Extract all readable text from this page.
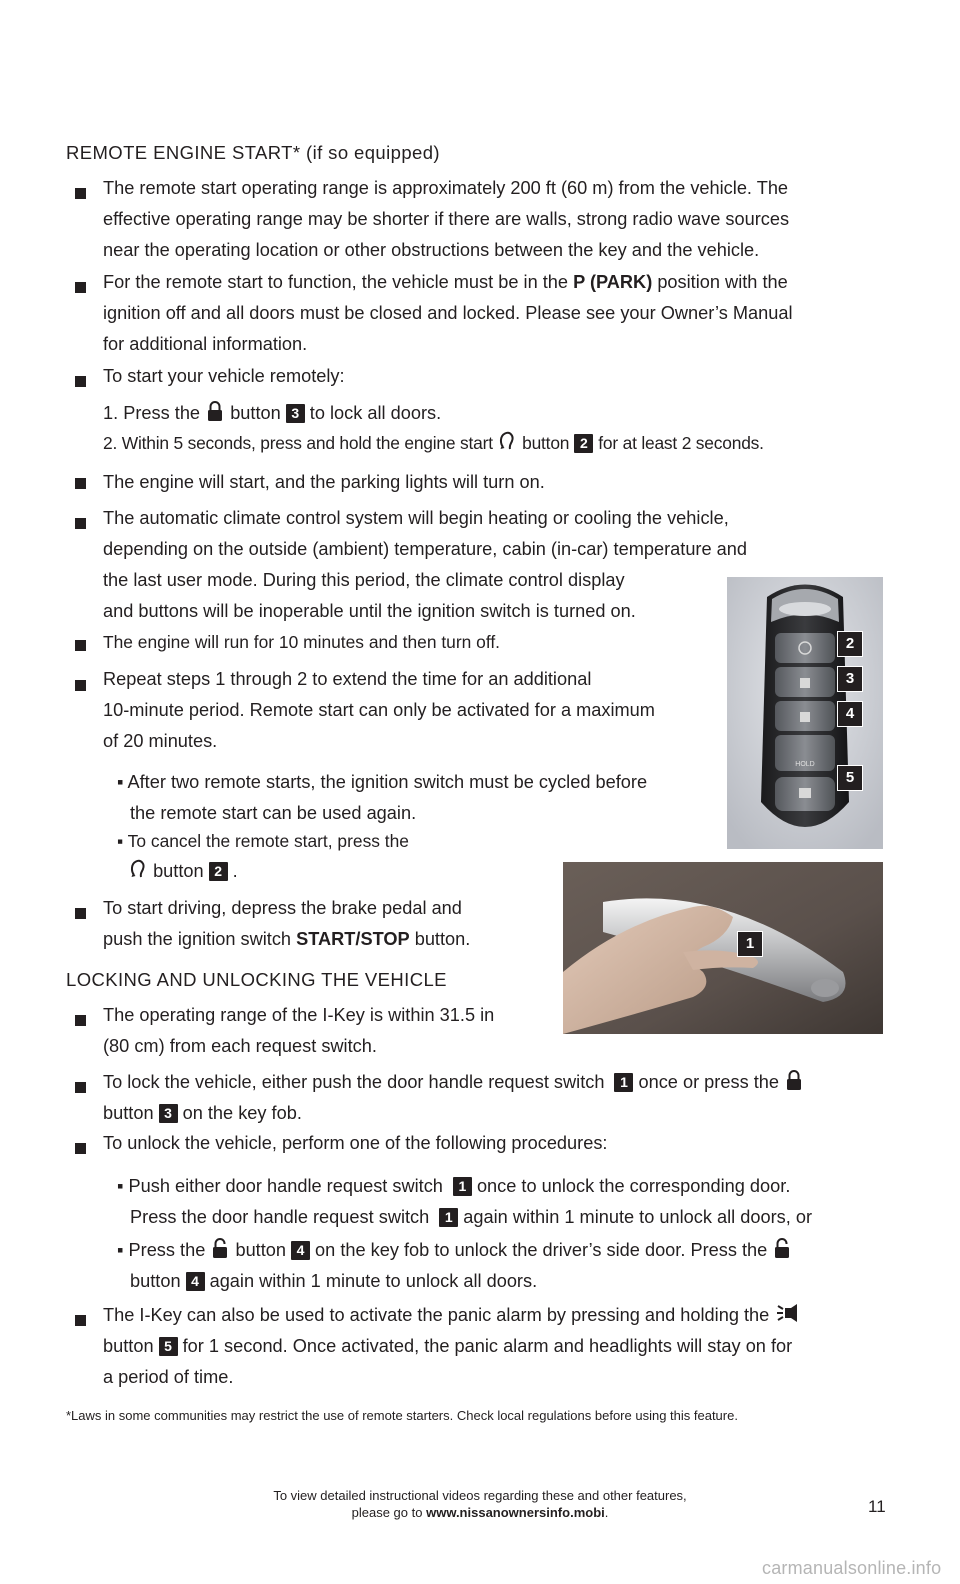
REMOTE ENGINE START* (if so equipped)
The remote start operating range is approximately 200 ft (60 m) from the vehicle. The
effective operating range may be shorter if there are walls, strong radio wave sources
near the operating location or other obstructions between the key and the vehicle.
For the remote start to function, the vehicle must be in the P (PARK) position with the
ignition off and all doors must be closed and locked. Please see your Owner’s Manual
for additional information.
To start your vehicle remotely:
1. Press the button 3 to lock all doors.
2. Within 5 seconds, press and hold the engine start button 2 for at least 2 seconds.
The engine will start, and the parking lights will turn on.
The automatic climate control system will begin heating or cooling the vehicle,
depending on the outside (ambient) temperature, cabin (in-car) temperature and
the last user mode. During this period, the climate control display
and buttons will be inoperable until the ignition switch is turned on.
The engine will run for 10 minutes and then turn off.
Repeat steps 1 through 2 to extend the time for an additional
10-minute period. Remote start can only be activated for a maximum
of 20 minutes.
▪ After two remote starts, the ignition switch must be cycled before
the remote start can be used again.
▪ To cancel the remote start, press the
button 2 .
To start driving, depress the brake pedal and
push the ignition switch START/STOP button.
LOCKING AND UNLOCKING THE VEHICLE
The operating range of the I-Key is within 31.5 in
(80 cm) from each request switch.
To lock the vehicle, either push the door handle request switch 1 once or press the
button 3 on the key fob.
To unlock the vehicle, perform one of the following procedures:
▪ Push either door handle request switch 1 once to unlock the corresponding door.
Press the door handle request switch 1 again within 1 minute to unlock all doors, or
▪ Press the button 4 on the key fob to unlock the driver’s side door. Press the
button 4 again within 1 minute to unlock all doors.
The I-Key can also be used to activate the panic alarm by pressing and holding the
button 5 for 1 second. Once activated, the panic alarm and headlights will stay on for
a period of time.
*Laws in some communities may restrict the use of remote starters. Check local regulations before using this feature.
HOLD
2
3
4
5
1
To view detailed instructional videos regarding these and other features,
please go to www.nissanownersinfo.mobi.	11
carmanualsonline.info
